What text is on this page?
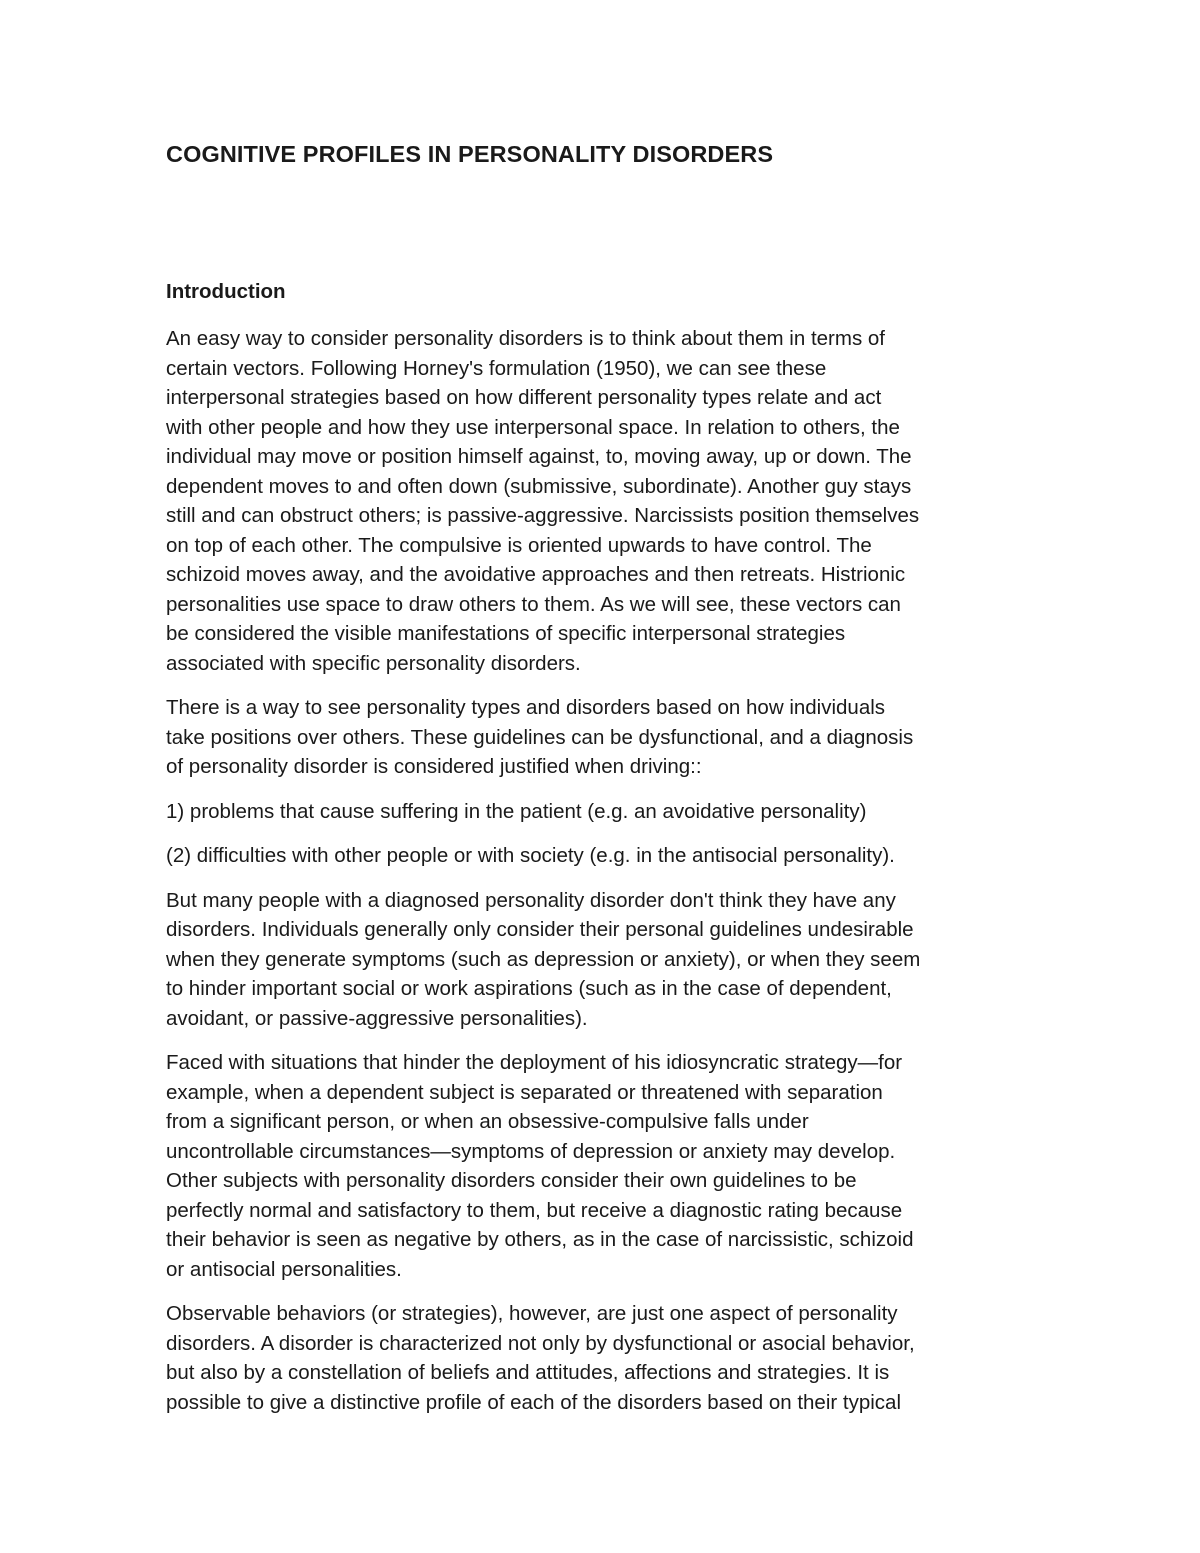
COGNITIVE PROFILES IN PERSONALITY DISORDERS
Introduction

An easy way to consider personality disorders is to think about them in terms of
certain vectors. Following Horney's formulation (1950), we can see these
interpersonal strategies based on how different personality types relate and act
with other people and how they use interpersonal space. In relation to others, the
individual may move or position himself against, to, moving away, up or down. The
dependent moves to and often down (submissive, subordinate). Another guy stays
still and can obstruct others; is passive-aggressive. Narcissists position themselves
on top of each other. The compulsive is oriented upwards to have control. The
schizoid moves away, and the avoidative approaches and then retreats. Histrionic
personalities use space to draw others to them. As we will see, these vectors can
be considered the visible manifestations of specific interpersonal strategies
associated with specific personality disorders.

There is a way to see personality types and disorders based on how individuals
take positions over others. These guidelines can be dysfunctional, and a diagnosis
of personality disorder is considered justified when driving::

1) problems that cause suffering in the patient (e.g. an avoidative personality)

(2) difficulties with other people or with society (e.g. in the antisocial personality).

But many people with a diagnosed personality disorder don't think they have any
disorders. Individuals generally only consider their personal guidelines undesirable
when they generate symptoms (such as depression or anxiety), or when they seem
to hinder important social or work aspirations (such as in the case of dependent,
avoidant, or passive-aggressive personalities).

Faced with situations that hinder the deployment of his idiosyncratic strategy—for
example, when a dependent subject is separated or threatened with separation
from a significant person, or when an obsessive-compulsive falls under
uncontrollable circumstances—symptoms of depression or anxiety may develop.
Other subjects with personality disorders consider their own guidelines to be
perfectly normal and satisfactory to them, but receive a diagnostic rating because
their behavior is seen as negative by others, as in the case of narcissistic, schizoid
or antisocial personalities.

Observable behaviors (or strategies), however, are just one aspect of personality
disorders. A disorder is characterized not only by dysfunctional or asocial behavior,
but also by a constellation of beliefs and attitudes, affections and strategies. It is
possible to give a distinctive profile of each of the disorders based on their typical
